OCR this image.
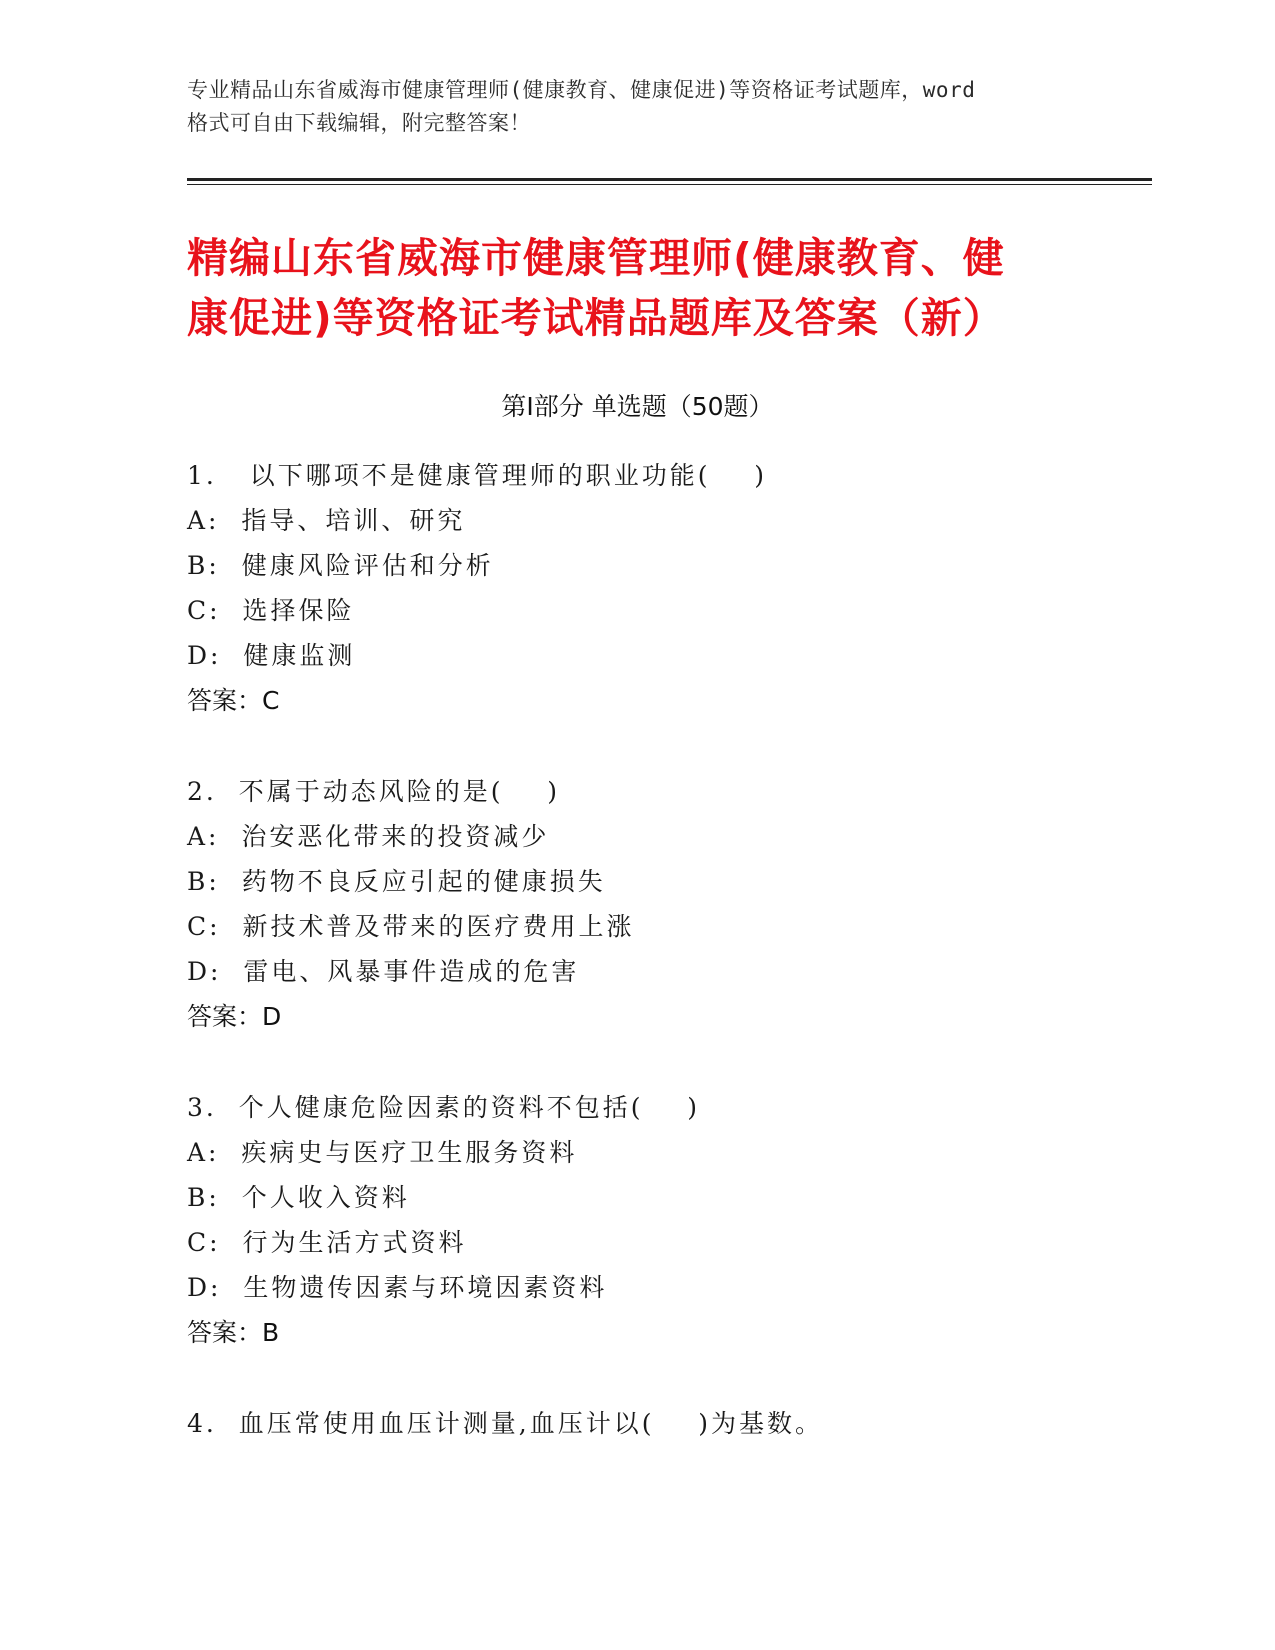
专业精品山东省威海市健康管理师(健康教育、健康促进)等资格证考试题库，word
格式可自由下载编辑，附完整答案！
精编山东省威海市健康管理师(健康教育、健
康促进)等资格证考试精品题库及答案（新）
第Ⅰ部分 单选题（50题）
1.   以下哪项不是健康管理师的职业功能(    )
A:  指导、培训、研究
B:  健康风险评估和分析
C:  选择保险
D:  健康监测
答案：C
2.  不属于动态风险的是(    )
A:  治安恶化带来的投资减少
B:  药物不良反应引起的健康损失
C:  新技术普及带来的医疗费用上涨
D:  雷电、风暴事件造成的危害
答案：D
3.  个人健康危险因素的资料不包括(    )
A:  疾病史与医疗卫生服务资料
B:  个人收入资料
C:  行为生活方式资料
D:  生物遗传因素与环境因素资料
答案：B
4.  血压常使用血压计测量,血压计以(    )为基数。
